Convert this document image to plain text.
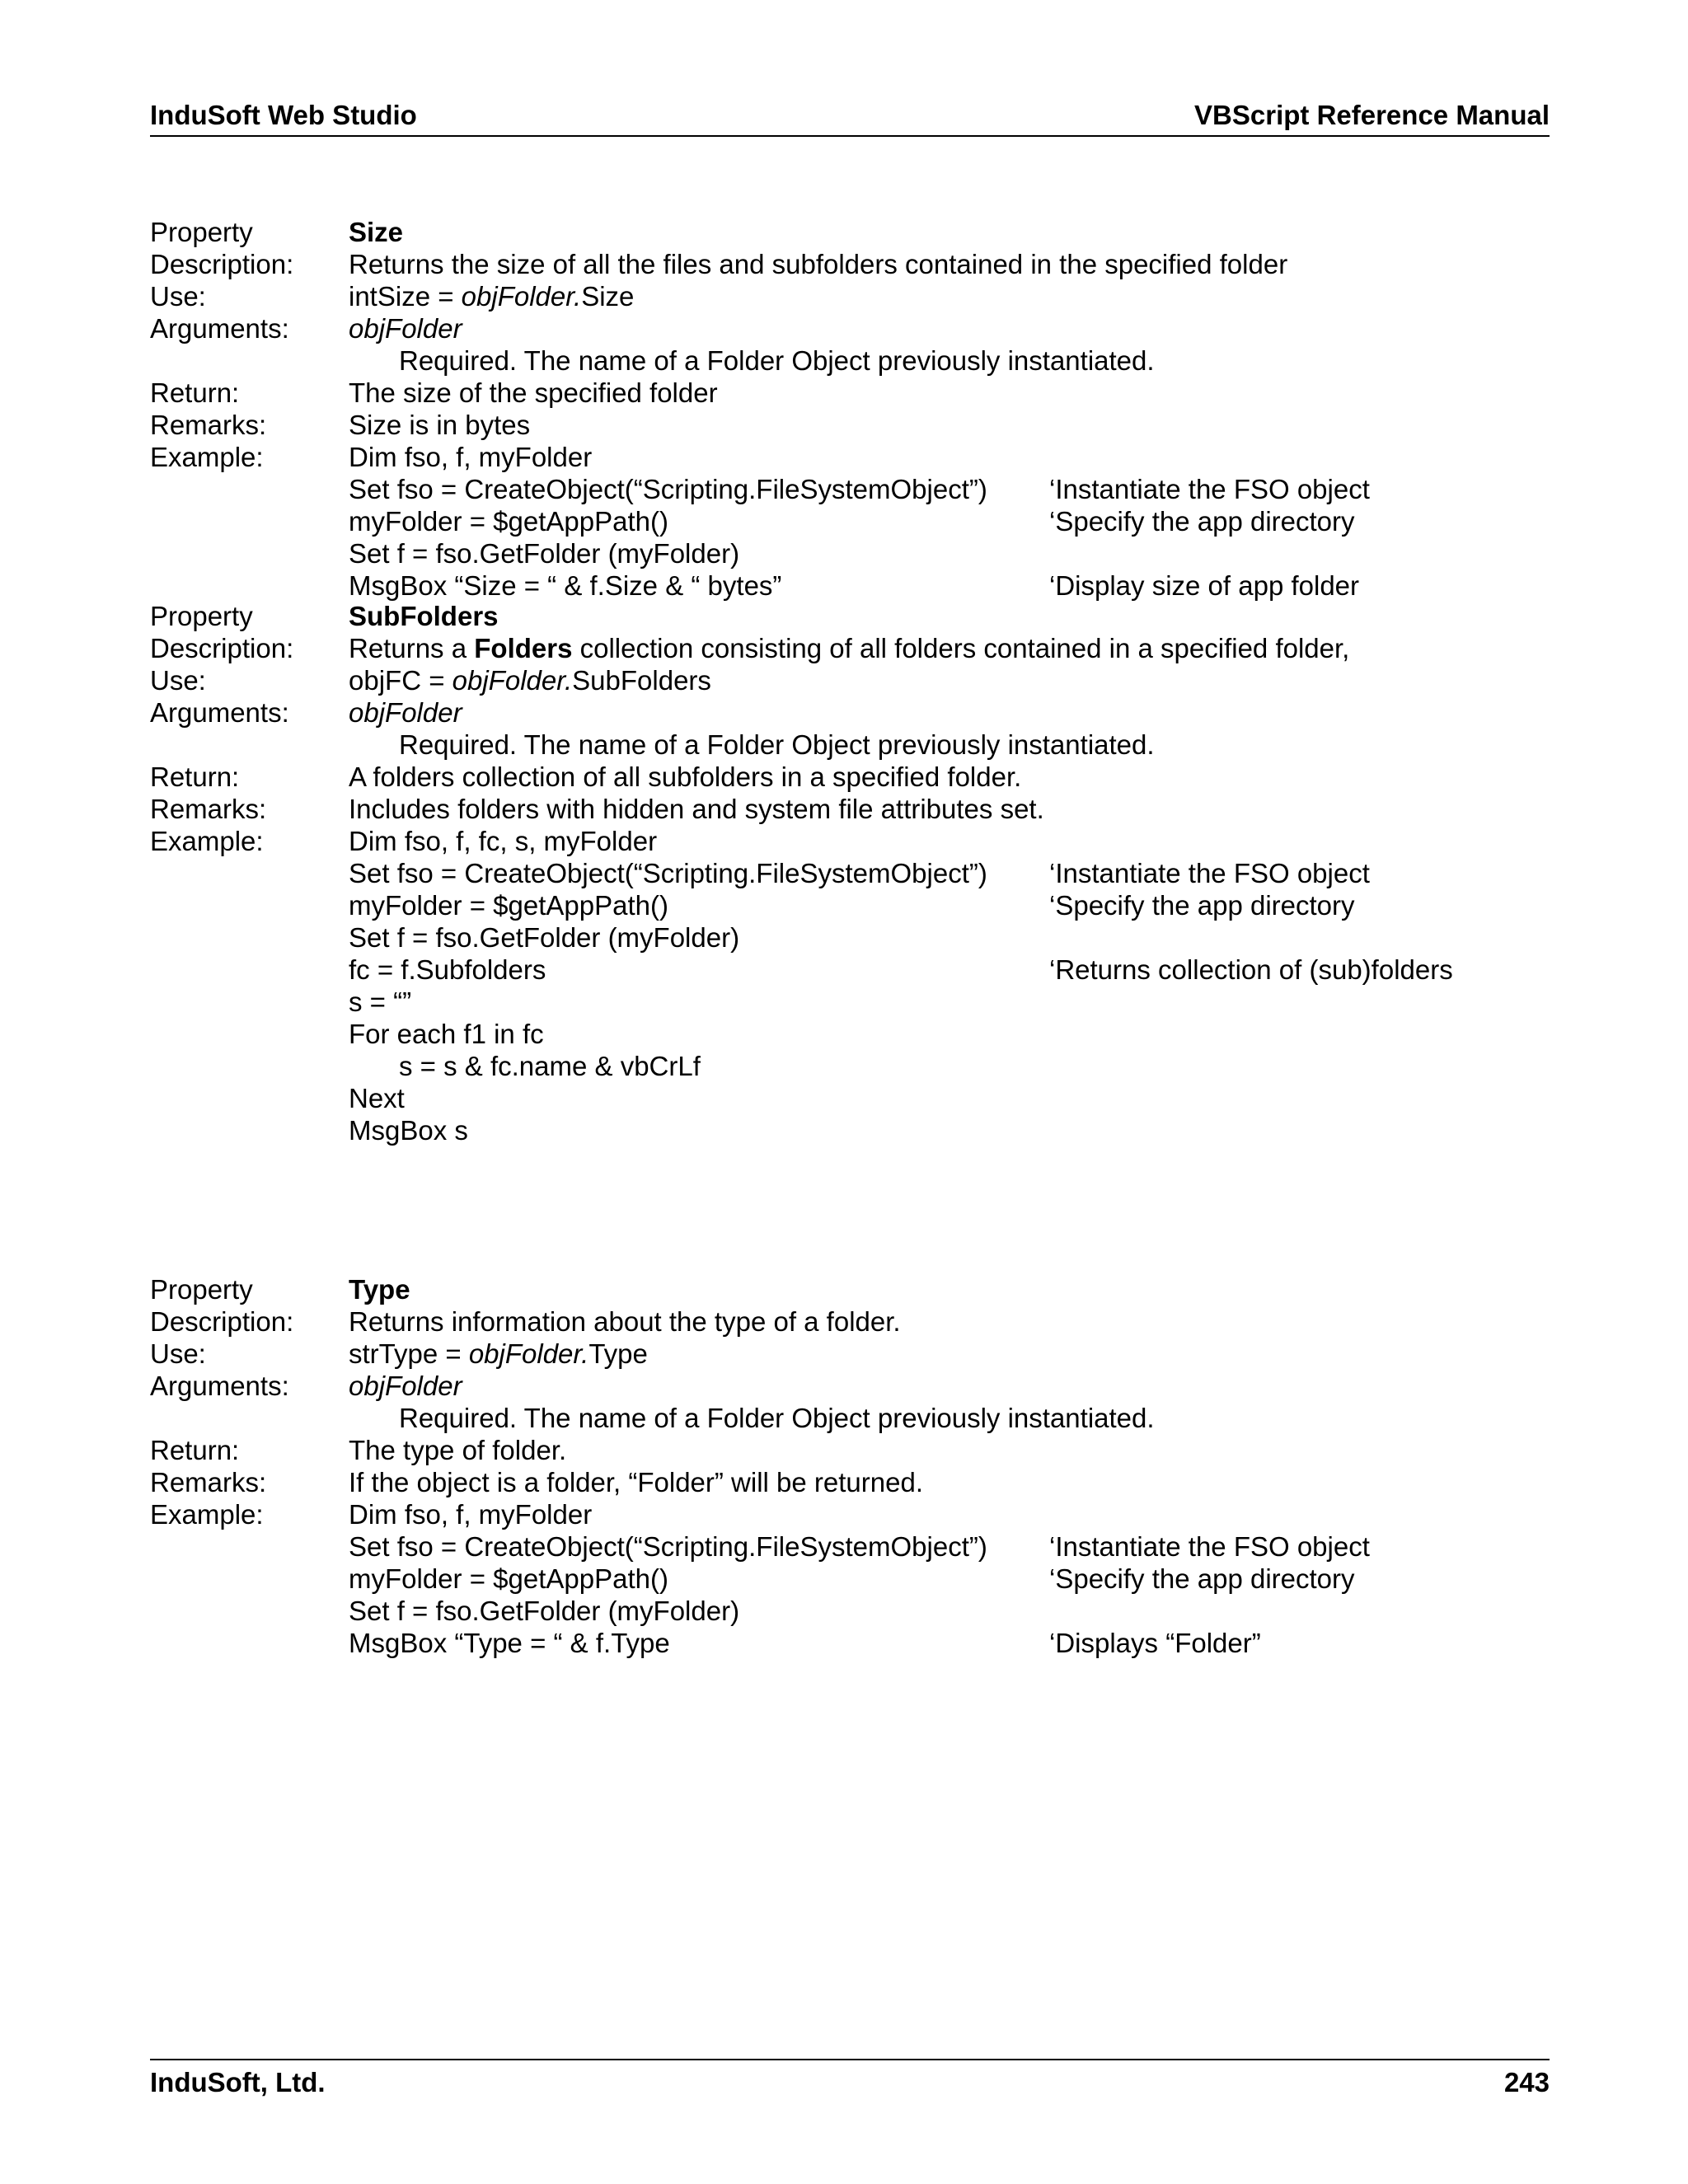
InduSoft Web Studio	VBScript Reference Manual
Property	Size
Description:	Returns the size of all the files and subfolders contained in the specified folder
Use:	intSize = objFolder.Size
Arguments:	objFolder
Required. The name of a Folder Object previously instantiated.
Return:	The size of the specified folder
Remarks:	Size is in bytes
Example:	Dim fso, f, myFolder
Set fso = CreateObject(“Scripting.FileSystemObject”)	‘Instantiate the FSO object
myFolder = $getAppPath()	‘Specify the app directory
Set f = fso.GetFolder (myFolder)
MsgBox “Size = “ & f.Size & “ bytes”	‘Display size of app folder
Property	SubFolders
Description:	Returns a Folders collection consisting of all folders contained in a specified folder,
Use:	objFC = objFolder.SubFolders
Arguments:	objFolder
Required. The name of a Folder Object previously instantiated.
Return:	A folders collection of all subfolders in a specified folder.
Remarks:	Includes folders with hidden and system file attributes set.
Example:	Dim fso, f, fc, s, myFolder
Set fso = CreateObject(“Scripting.FileSystemObject”)	‘Instantiate the FSO object
myFolder = $getAppPath()	‘Specify the app directory
Set f = fso.GetFolder (myFolder)
fc = f.Subfolders	‘Returns collection of (sub)folders
s = “”
For each f1 in fc
s = s & fc.name & vbCrLf
Next
MsgBox s
Property	Type
Description:	Returns information about the type of a folder.
Use:	strType = objFolder.Type
Arguments:	objFolder
Required. The name of a Folder Object previously instantiated.
Return:	The type of folder.
Remarks:	If the object is a folder, “Folder” will be returned.
Example:	Dim fso, f, myFolder
Set fso = CreateObject(“Scripting.FileSystemObject”)	‘Instantiate the FSO object
myFolder = $getAppPath()	‘Specify the app directory
Set f = fso.GetFolder (myFolder)
MsgBox “Type = “ & f.Type	‘Displays “Folder”
InduSoft, Ltd.	243
